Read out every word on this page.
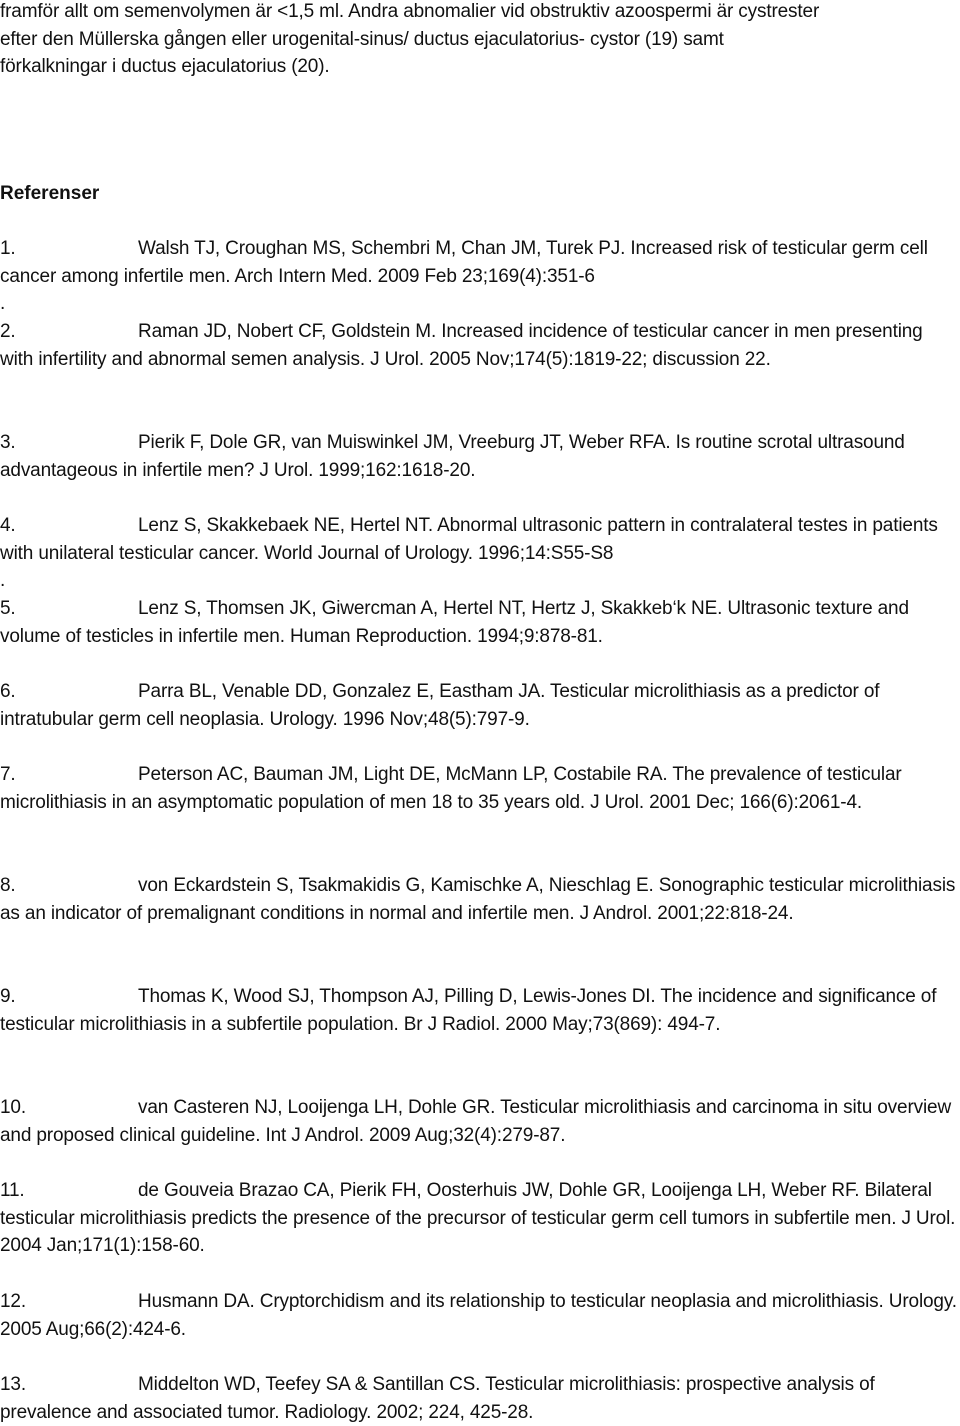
framför allt om semenvolymen är <1,5 ml. Andra abnomalier vid obstruktiv azoospermi är cystrester
efter den Müllerska gången eller urogenital-sinus/ ductus ejaculatorius- cystor (19) samt
förkalkningar i ductus ejaculatorius (20).

Referenser

1.	Walsh TJ, Croughan MS, Schembri M, Chan JM, Turek PJ. Increased risk of testicular germ cell cancer among infertile men. Arch Intern Med. 2009 Feb 23;169(4):351-6
.

2.	Raman JD, Nobert CF, Goldstein M. Increased incidence of testicular cancer in men presenting with infertility and abnormal semen analysis. J Urol. 2005 Nov;174(5):1819-22; discussion 22.

3.	Pierik F, Dole GR, van Muiswinkel JM, Vreeburg JT, Weber RFA. Is routine scrotal ultrasound advantageous in infertile men? J Urol. 1999;162:1618-20.

4.	Lenz S, Skakkebaek NE, Hertel NT. Abnormal ultrasonic pattern in contralateral testes in patients with unilateral testicular cancer. World Journal of Urology. 1996;14:S55-S8
.

5.	Lenz S, Thomsen JK, Giwercman A, Hertel NT, Hertz J, Skakkeb‘k NE. Ultrasonic texture and volume of testicles in infertile men. Human Reproduction. 1994;9:878-81.

6.	Parra BL, Venable DD, Gonzalez E, Eastham JA. Testicular microlithiasis as a predictor of intratubular germ cell neoplasia. Urology. 1996 Nov;48(5):797-9.

7.	Peterson AC, Bauman JM, Light DE, McMann LP, Costabile RA. The prevalence of testicular microlithiasis in an asymptomatic population of men 18 to 35 years old. J Urol. 2001 Dec; 166(6):2061-4.

8.	von Eckardstein S, Tsakmakidis G, Kamischke A, Nieschlag E. Sonographic testicular microlithiasis as an indicator of premalignant conditions in normal and infertile men. J Androl. 2001;22:818-24.

9.	Thomas K, Wood SJ, Thompson AJ, Pilling D, Lewis-Jones DI. The incidence and significance of testicular microlithiasis in a subfertile population. Br J Radiol. 2000 May;73(869): 494-7.

10.	van Casteren NJ, Looijenga LH, Dohle GR. Testicular microlithiasis and carcinoma in situ overview and proposed clinical guideline. Int J Androl. 2009 Aug;32(4):279-87.

11.	de Gouveia Brazao CA, Pierik FH, Oosterhuis JW, Dohle GR, Looijenga LH, Weber RF. Bilateral testicular microlithiasis predicts the presence of the precursor of testicular germ cell tumors in subfertile men. J Urol. 2004 Jan;171(1):158-60.

12.	Husmann DA. Cryptorchidism and its relationship to testicular neoplasia and microlithiasis. Urology. 2005 Aug;66(2):424-6.

13.	Middelton WD, Teefey SA & Santillan CS. Testicular microlithiasis: prospective analysis of prevalence and associated tumor. Radiology. 2002; 224, 425-28.
